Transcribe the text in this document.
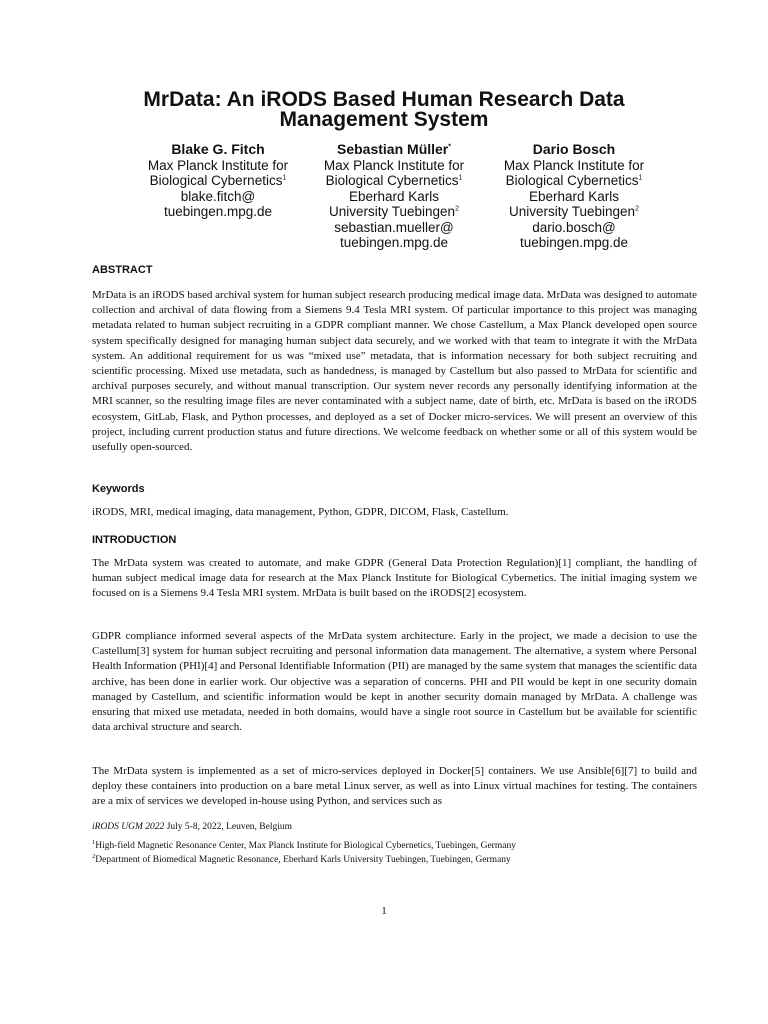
MrData: An iRODS Based Human Research Data
Management System
Blake G. Fitch
Max Planck Institute for
Biological Cybernetics$^1$
blake.fitch@
tuebingen.mpg.de
Sebastian Müller*
Max Planck Institute for
Biological Cybernetics$^1$
Eberhard Karls
University Tuebingen$^2$
sebastian.mueller@
tuebingen.mpg.de
Dario Bosch
Max Planck Institute for
Biological Cybernetics$^1$
Eberhard Karls
University Tuebingen$^2$
dario.bosch@
tuebingen.mpg.de
ABSTRACT

MrData is an iRODS based archival system for human subject research producing medical image data. MrData was designed to automate collection and archival of data flowing from a Siemens 9.4 Tesla MRI system. Of particular importance to this project was managing metadata related to human subject recruiting in a GDPR compliant manner. We chose Castellum, a Max Planck developed open source system specifically designed for managing human subject data securely, and we worked with that team to integrate it with the MrData system. An additional requirement for us was “mixed use” metadata, that is information necessary for both subject recruiting and scientific processing. Mixed use metadata, such as handedness, is managed by Castellum but also passed to MrData for scientific and archival purposes securely, and without manual transcription. Our system never records any personally identifying information at the MRI scanner, so the resulting image files are never contaminated with a subject name, date of birth, etc. MrData is based on the iRODS ecosystem, GitLab, Flask, and Python processes, and deployed as a set of Docker micro-services. We will present an overview of this project, including current production status and future directions. We welcome feedback on whether some or all of this system would be usefully open-sourced.

Keywords

iRODS, MRI, medical imaging, data management, Python, GDPR, DICOM, Flask, Castellum.

INTRODUCTION

The MrData system was created to automate, and make GDPR (General Data Protection Regulation)[1] compliant, the handling of human subject medical image data for research at the Max Planck Institute for Biological Cybernetics. The initial imaging system we focused on is a Siemens 9.4 Tesla MRI system. MrData is built based on the iRODS[2] ecosystem.

GDPR compliance informed several aspects of the MrData system architecture. Early in the project, we made a decision to use the Castellum[3] system for human subject recruiting and personal information data management. The alternative, a system where Personal Health Information (PHI)[4] and Personal Identifiable Information (PII) are managed by the same system that manages the scientific data archive, has been done in earlier work. Our objective was a separation of concerns. PHI and PII would be kept in one security domain managed by Castellum, and scientific information would be kept in another security domain managed by MrData. A challenge was ensuring that mixed use metadata, needed in both domains, would have a single root source in Castellum but be available for scientific data archival structure and search.

The MrData system is implemented as a set of micro-services deployed in Docker[5] containers. We use Ansible[6][7] to build and deploy these containers into production on a bare metal Linux server, as well as into Linux virtual machines for testing. The containers are a mix of services we developed in-house using Python, and services such as

iRODS UGM 2022 July 5-8, 2022, Leuven, Belgium
$^1$High-field Magnetic Resonance Center, Max Planck Institute for Biological Cybernetics, Tuebingen, Germany
$^2$Department of Biomedical Magnetic Resonance, Eberhard Karls University Tuebingen, Tuebingen, Germany
1
